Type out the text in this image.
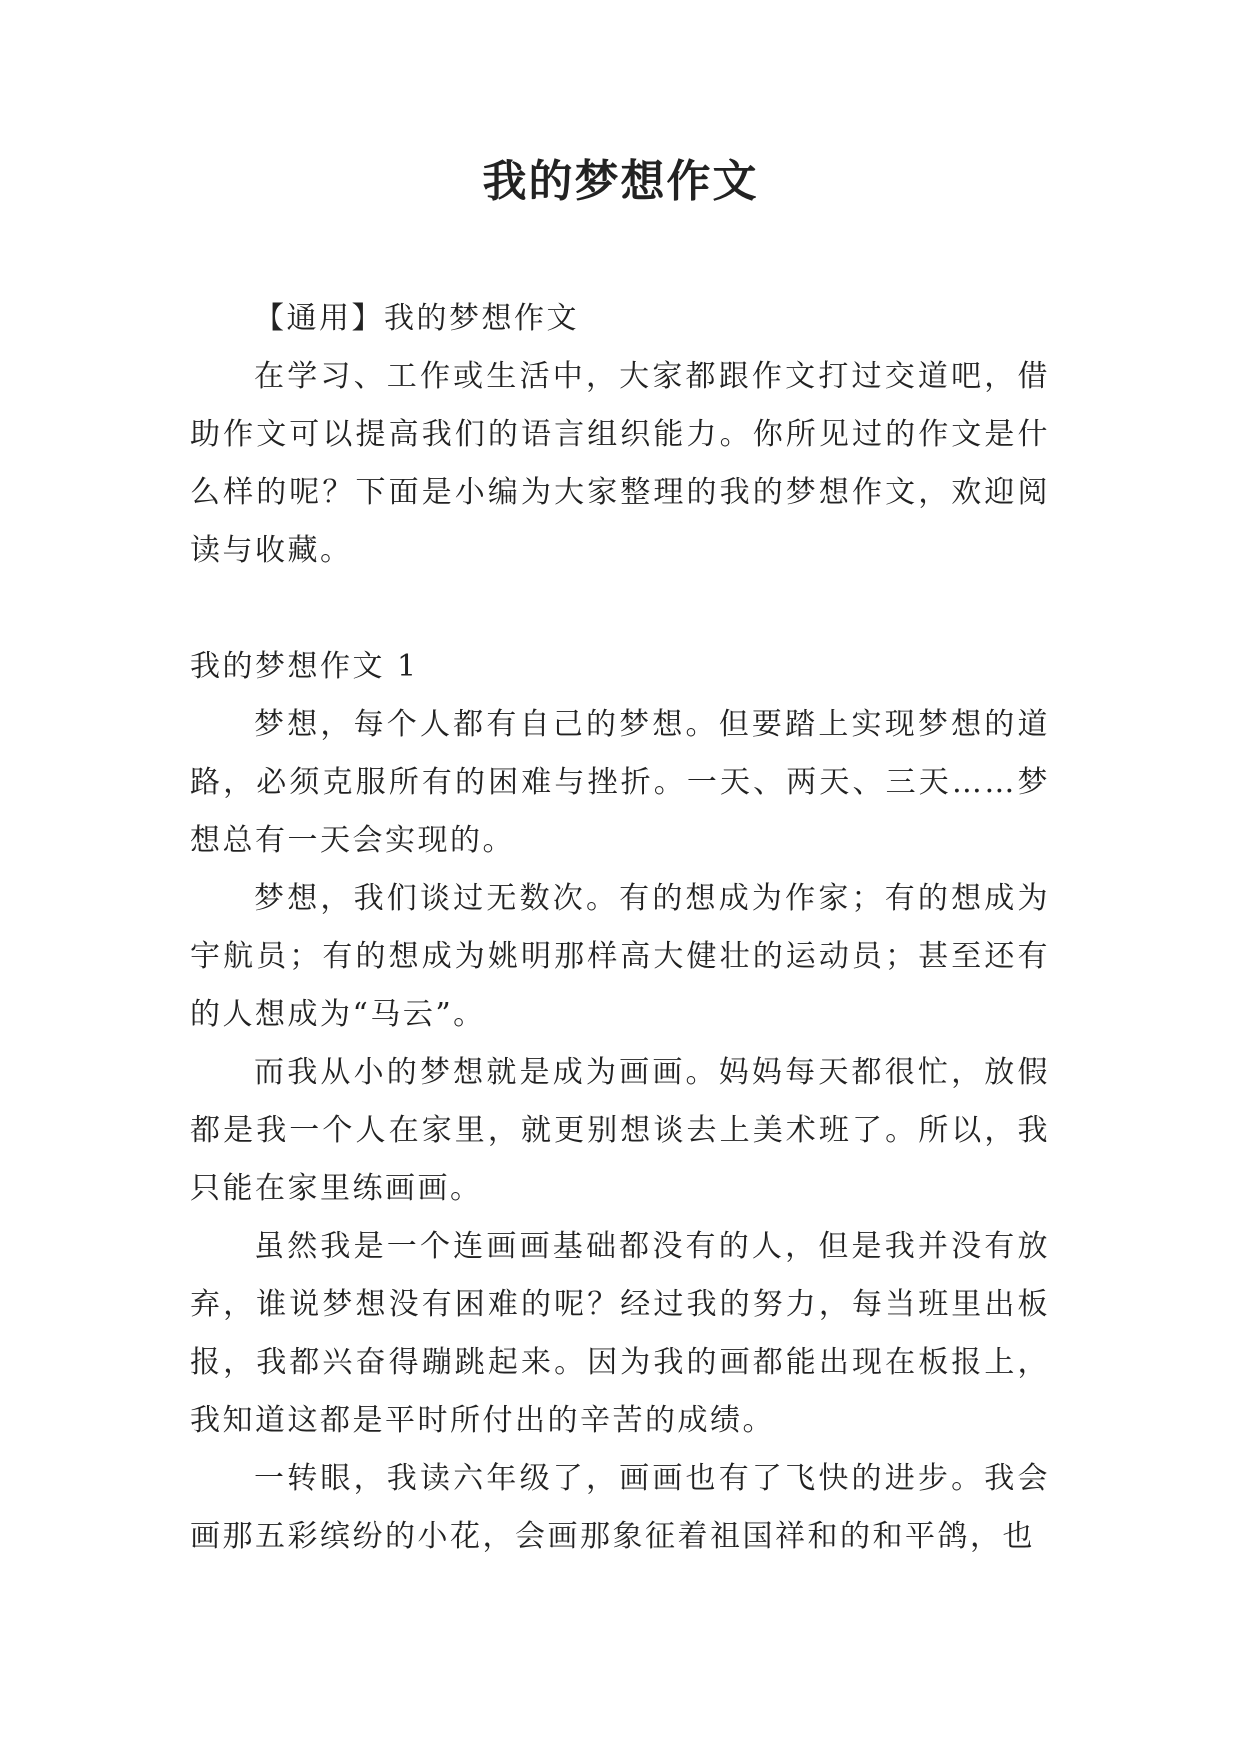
我的梦想作文

【通用】我的梦想作文

在学习、工作或生活中，大家都跟作文打过交道吧，借助作文可以提高我们的语言组织能力。你所见过的作文是什么样的呢？下面是小编为大家整理的我的梦想作文，欢迎阅读与收藏。

我的梦想作文 1

梦想，每个人都有自己的梦想。但要踏上实现梦想的道路，必须克服所有的困难与挫折。一天、两天、三天……梦想总有一天会实现的。

梦想，我们谈过无数次。有的想成为作家；有的想成为宇航员；有的想成为姚明那样高大健壮的运动员；甚至还有的人想成为“马云”。

而我从小的梦想就是成为画画。妈妈每天都很忙，放假都是我一个人在家里，就更别想谈去上美术班了。所以，我只能在家里练画画。

虽然我是一个连画画基础都没有的人，但是我并没有放弃，谁说梦想没有困难的呢？经过我的努力，每当班里出板报，我都兴奋得蹦跳起来。因为我的画都能出现在板报上，我知道这都是平时所付出的辛苦的成绩。

一转眼，我读六年级了，画画也有了飞快的进步。我会画那五彩缤纷的小花，会画那象征着祖国祥和的和平鸽，也
